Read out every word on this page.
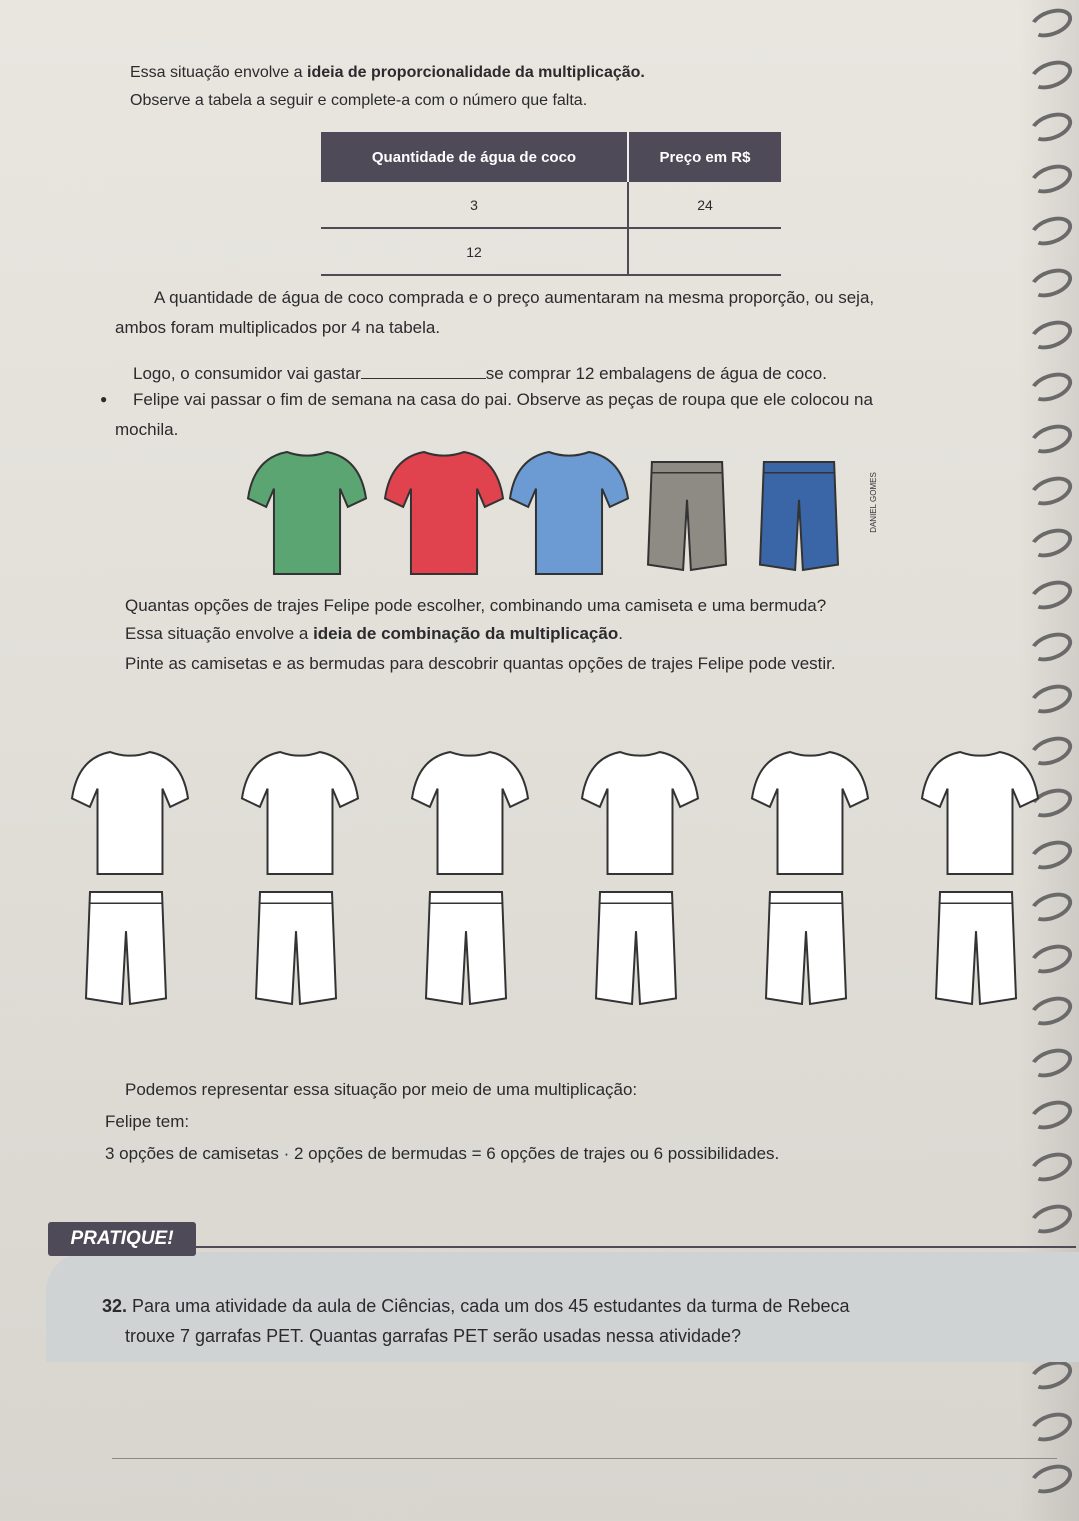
Essa situação envolve a ideia de proporcionalidade da multiplicação.
Observe a tabela a seguir e complete-a com o número que falta.
Quantidade de água de coco	Preço em R$
3	24
12
A quantidade de água de coco comprada e o preço aumentaram na mesma proporção, ou seja,
ambos foram multiplicados por 4 na tabela.
Logo, o consumidor vai gastar	se comprar 12 embalagens de água de coco.
● Felipe vai passar o fim de semana na casa do pai. Observe as peças de roupa que ele colocou na
mochila.
DANIEL GOMES
Quantas opções de trajes Felipe pode escolher, combinando uma camiseta e uma bermuda?
Essa situação envolve a ideia de combinação da multiplicação.
Pinte as camisetas e as bermudas para descobrir quantas opções de trajes Felipe pode vestir.
Podemos representar essa situação por meio de uma multiplicação:
Felipe tem:
3 opções de camisetas · 2 opções de bermudas = 6 opções de trajes ou 6 possibilidades.
PRATIQUE!
32. Para uma atividade da aula de Ciências, cada um dos 45 estudantes da turma de Rebeca
trouxe 7 garrafas PET. Quantas garrafas PET serão usadas nessa atividade?
